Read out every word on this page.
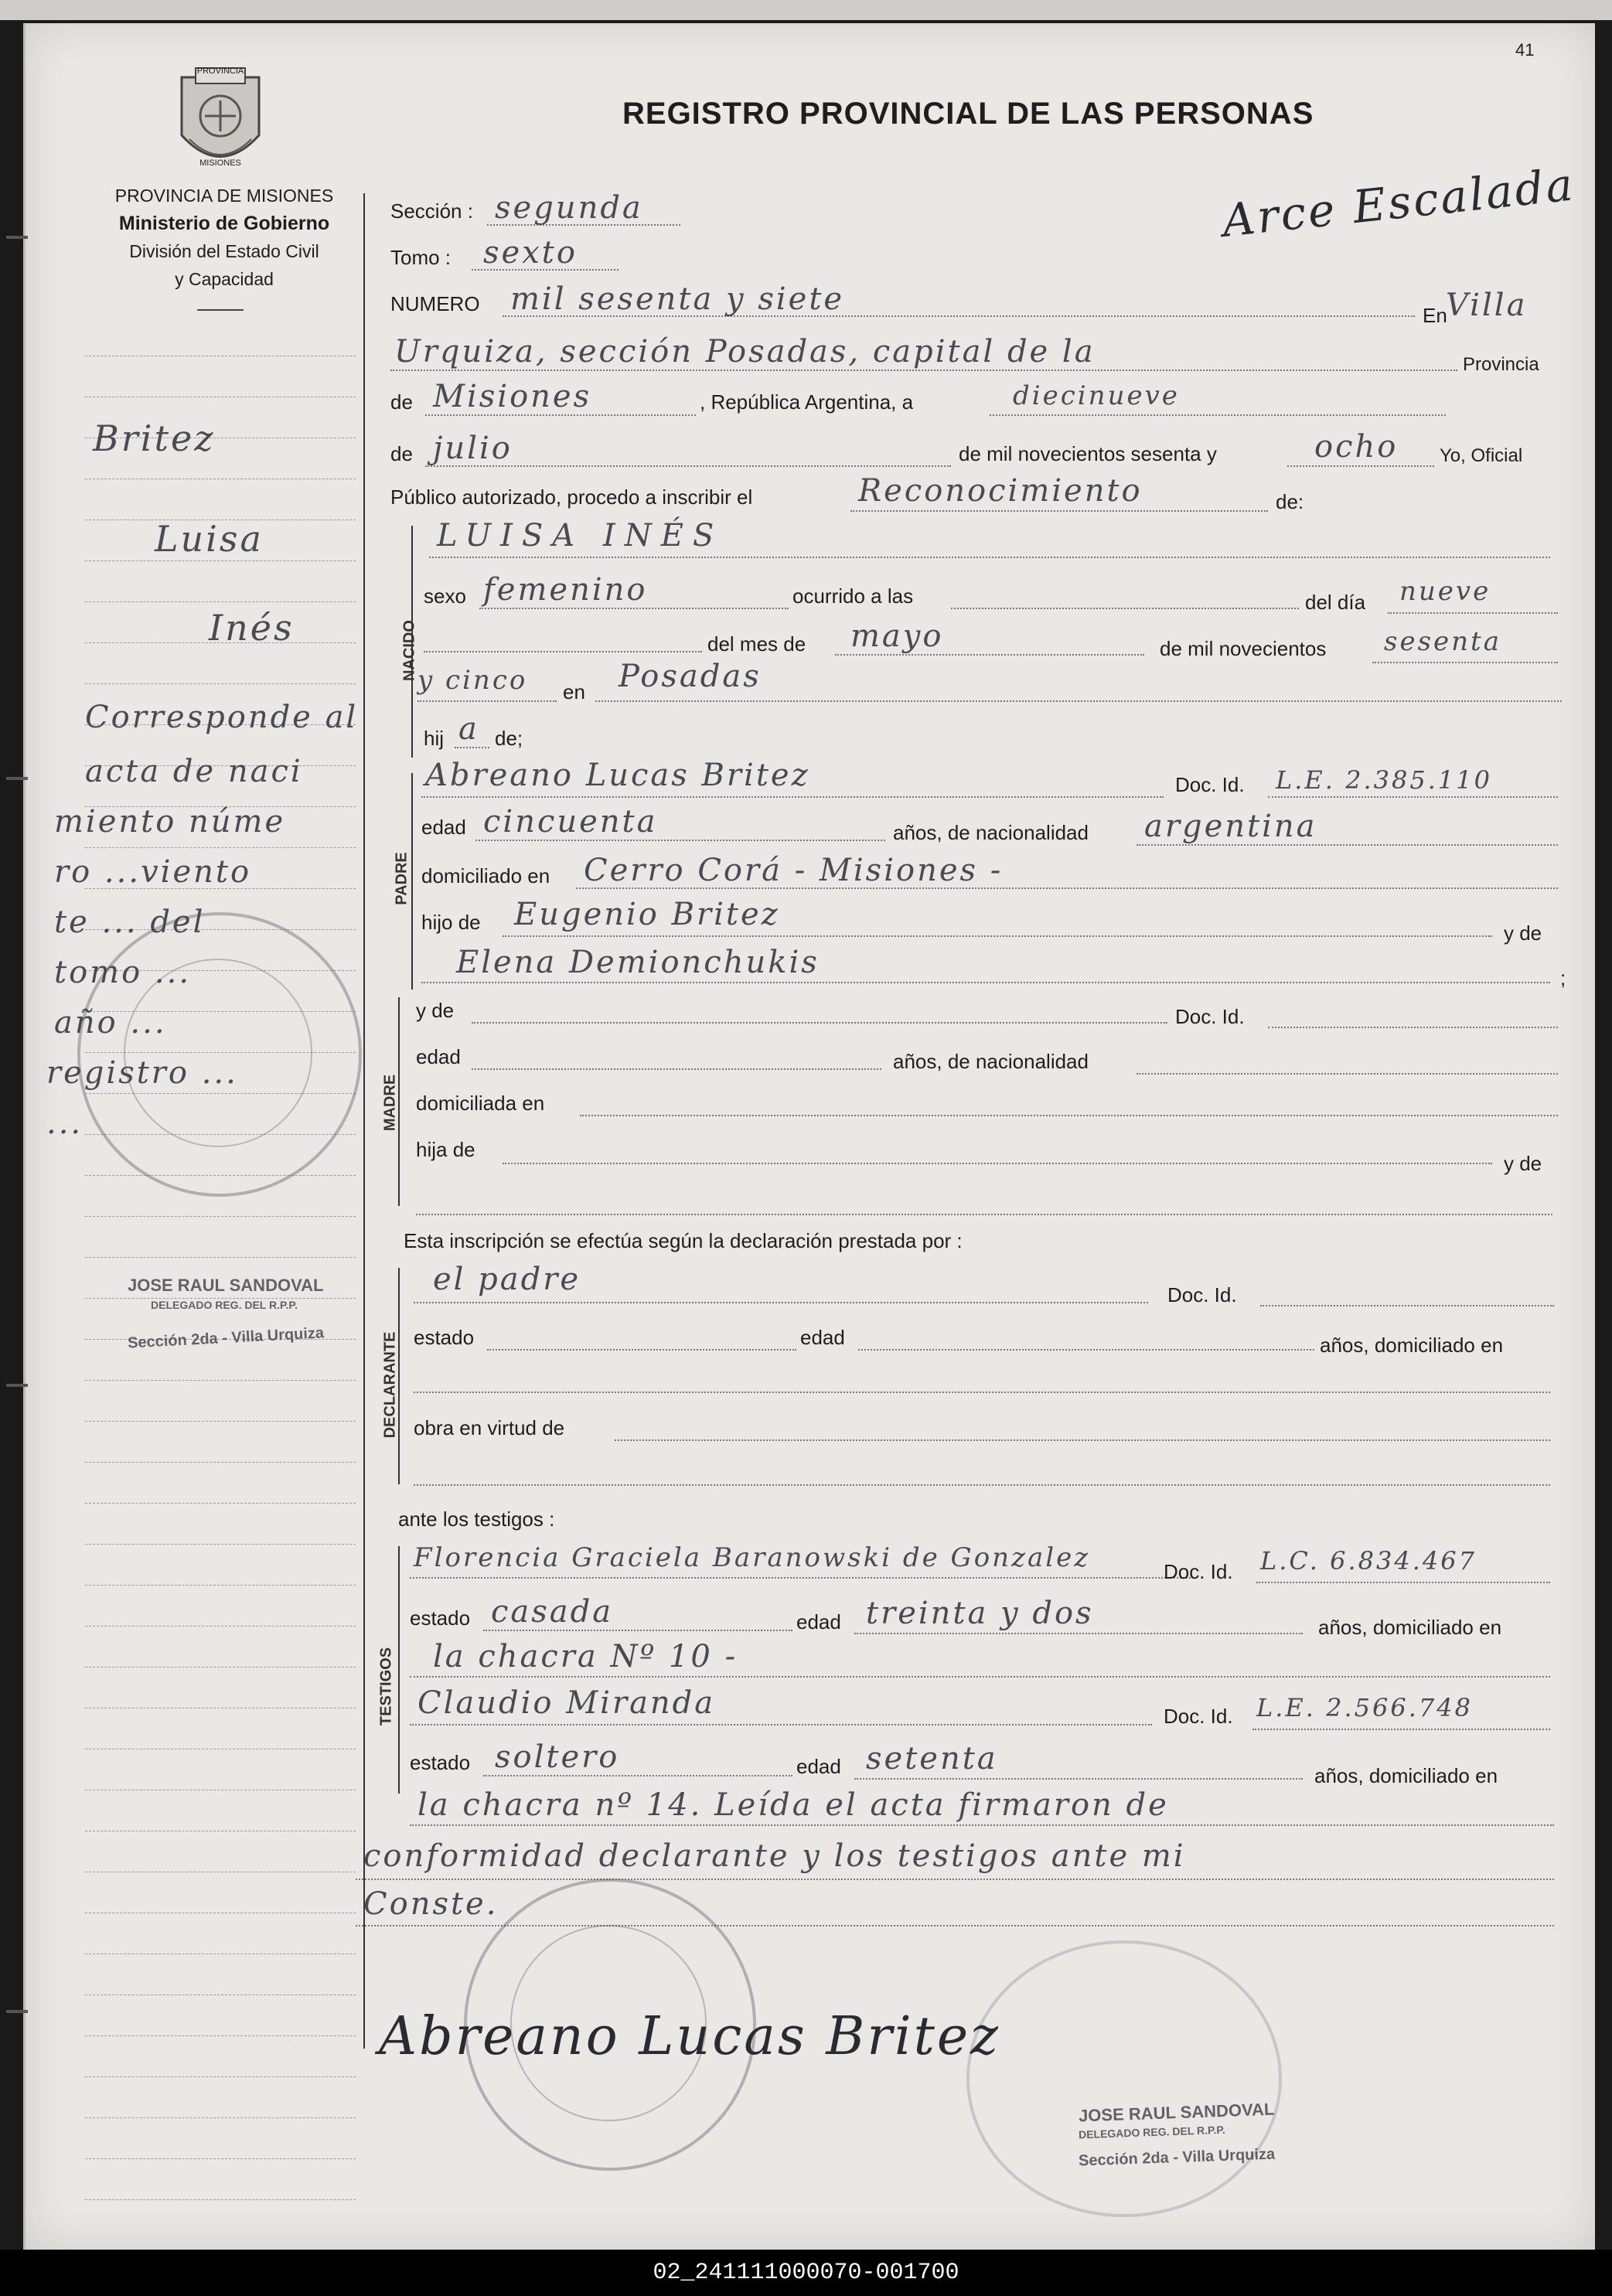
41
PROVINCIA
MISIONES
PROVINCIA DE MISIONES
Ministerio de Gobierno
División del Estado Civil
y Capacidad
REGISTRO PROVINCIAL DE LAS PERSONAS
Arce Escalada
Britez
Luisa
Inés
Corresponde al
acta de naci
miento núme
ro ...viento
te ... del
tomo ...
año ...
registro ...
...
JOSE RAUL SANDOVAL
DELEGADO REG. DEL R.P.P.
Sección 2da - Villa Urquiza
Sección : segunda
Tomo : sexto
NUMERO mil sesenta y siete	En
Villa
Urquiza, sección Posadas, capital de la	Provincia
de Misiones	, República Argentina, a	diecinueve
de julio	de mil novecientos sesenta y	ocho Yo, Oficial
Público autorizado, procedo a inscribir el	Reconocimiento	de:
NACIDO
LUISA INÉS
sexo femenino	ocurrido a las	del día nueve
del mes de mayo	de mil novecientos sesenta
y cinco en Posadas
hij a de;
PADRE
Abreano Lucas Britez	Doc. Id. L.E. 2.385.110
edad cincuenta	años, de nacionalidad argentina
domiciliado en Cerro Corá - Misiones -
hijo de Eugenio Britez
y de
Elena Demionchukis	;
MADRE
y de	Doc. Id.
edad	años, de nacionalidad
domiciliada en
hija de
y de
Esta inscripción se efectúa según la declaración prestada por :
DECLARANTE
el padre	Doc. Id.
estado	edad	años, domiciliado en
obra en virtud de
ante los testigos :
TESTIGOS
Florencia Graciela Baranowski de Gonzalez	Doc. Id. L.C. 6.834.467
estado casada	edad treinta y dos	años, domiciliado en
la chacra Nº 10 -
Claudio Miranda	Doc. Id. L.E. 2.566.748
estado soltero	edad setenta	años, domiciliado en
la chacra nº 14. Leída el acta firmaron de
conformidad declarante y los testigos ante mi
Conste.
Abreano Lucas Britez
JOSE RAUL SANDOVAL
DELEGADO REG. DEL R.P.P.
Sección 2da - Villa Urquiza
02_241111000070-001700
